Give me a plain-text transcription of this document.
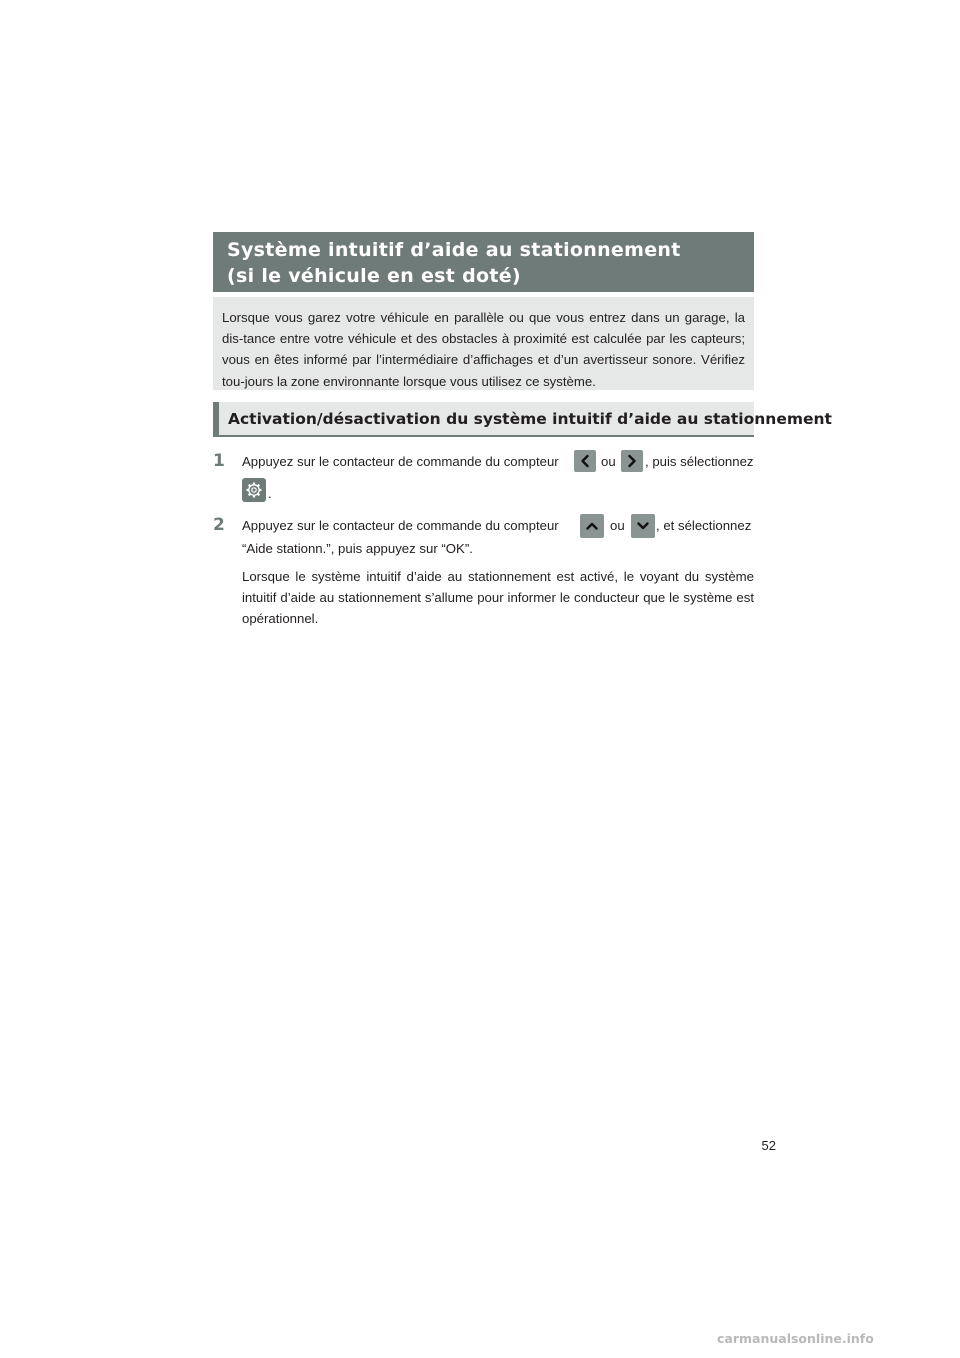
Système intuitif d’aide au stationnement
(si le véhicule en est doté)
Lorsque vous garez votre véhicule en parallèle ou que vous entrez dans un garage, la dis-tance entre votre véhicule et des obstacles à proximité est calculée par les capteurs; vous en êtes informé par l’intermédiaire d’affichages et d’un avertisseur sonore. Vérifiez tou-jours la zone environnante lorsque vous utilisez ce système.
Activation/désactivation du système intuitif d’aide au stationnement
1 Appuyez sur le contacteur de commande du compteur	ou , puis sélectionnez
.
2 Appuyez sur le contacteur de commande du compteur	ou , et sélectionnez
“Aide stationn.”, puis appuyez sur “OK”.
Lorsque le système intuitif d’aide au stationnement est activé, le voyant du système intuitif d’aide au stationnement s’allume pour informer le conducteur que le système est opérationnel.
52
carmanualsonline.info
